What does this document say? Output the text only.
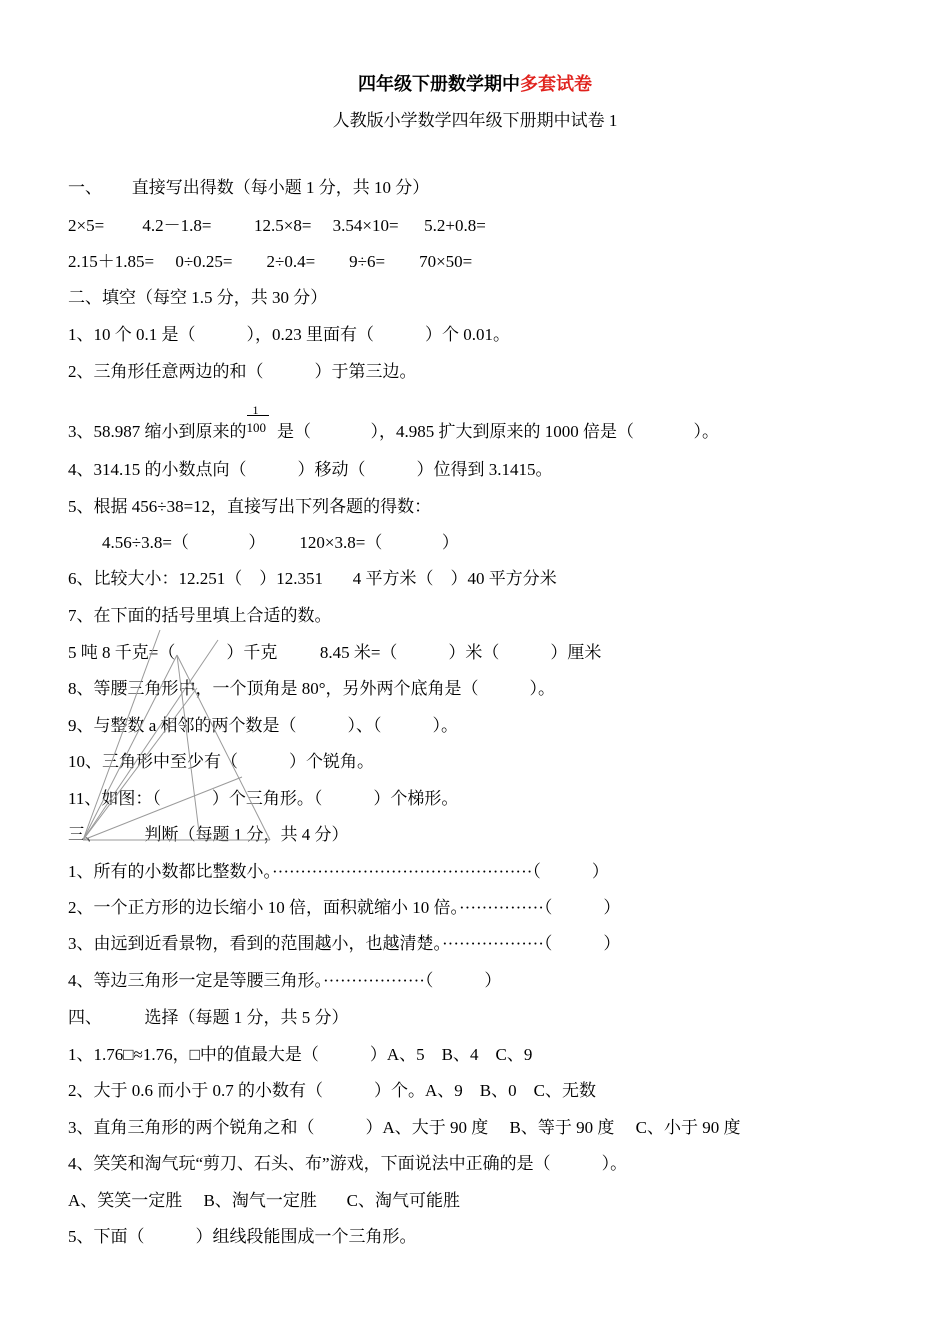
四年级下册数学期中多套试卷
人教版小学数学四年级下册期中试卷 1
一、       直接写出得数（每小题 1 分，共 10 分）
2×5=         4.2－1.8=          12.5×8=     3.54×10=      5.2+0.8=
2.15＋1.85=     0÷0.25=        2÷0.4=        9÷6=        70×50=
二、填空（每空 1.5 分，共 30 分）
1、10 个 0.1 是（            ），0.23 里面有（            ）个 0.01。
2、三角形任意两边的和（            ）于第三边。
4、314.15 的小数点向（            ）移动（            ）位得到 3.1415。
5、根据 456÷38=12，直接写出下列各题的得数：
4.56÷3.8=（              ）        120×3.8=（              ）
6、比较大小：12.251（    ）12.351       4 平方米（    ）40 平方分米
7、在下面的括号里填上合适的数。
5 吨 8 千克=（            ）千克          8.45 米=（            ）米（            ）厘米
8、等腰三角形中，一个顶角是 80°，另外两个底角是（            ）。
9、与整数 a 相邻的两个数是（            ）、（            ）。
10、三角形中至少有（            ）个锐角。
11、如图：（            ）个三角形。（            ）个梯形。
三、          判断（每题 1 分，共 4 分）
1、所有的小数都比整数小。··············································（            ）
2、一个正方形的边长缩小 10 倍，面积就缩小 10 倍。···············（            ）
3、由远到近看景物，看到的范围越小，也越清楚。··················（            ）
4、等边三角形一定是等腰三角形。··················（            ）
四、          选择（每题 1 分，共 5 分）
1、1.76□≈1.76，□中的值最大是（            ）A、5    B、4    C、9
2、大于 0.6 而小于 0.7 的小数有（            ）个。A、9    B、0    C、无数
3、直角三角形的两个锐角之和（            ）A、大于 90 度     B、等于 90 度     C、小于 90 度
4、笑笑和淘气玩“剪刀、石头、布”游戏，下面说法中正确的是（            ）。
A、笑笑一定胜     B、淘气一定胜       C、淘气可能胜
5、下面（            ）组线段能围成一个三角形。
3、58.987 缩小到原来的 $\frac{1}{100}$ 是（              ），4.985 扩大到原来的 1000 倍是（              ）。
